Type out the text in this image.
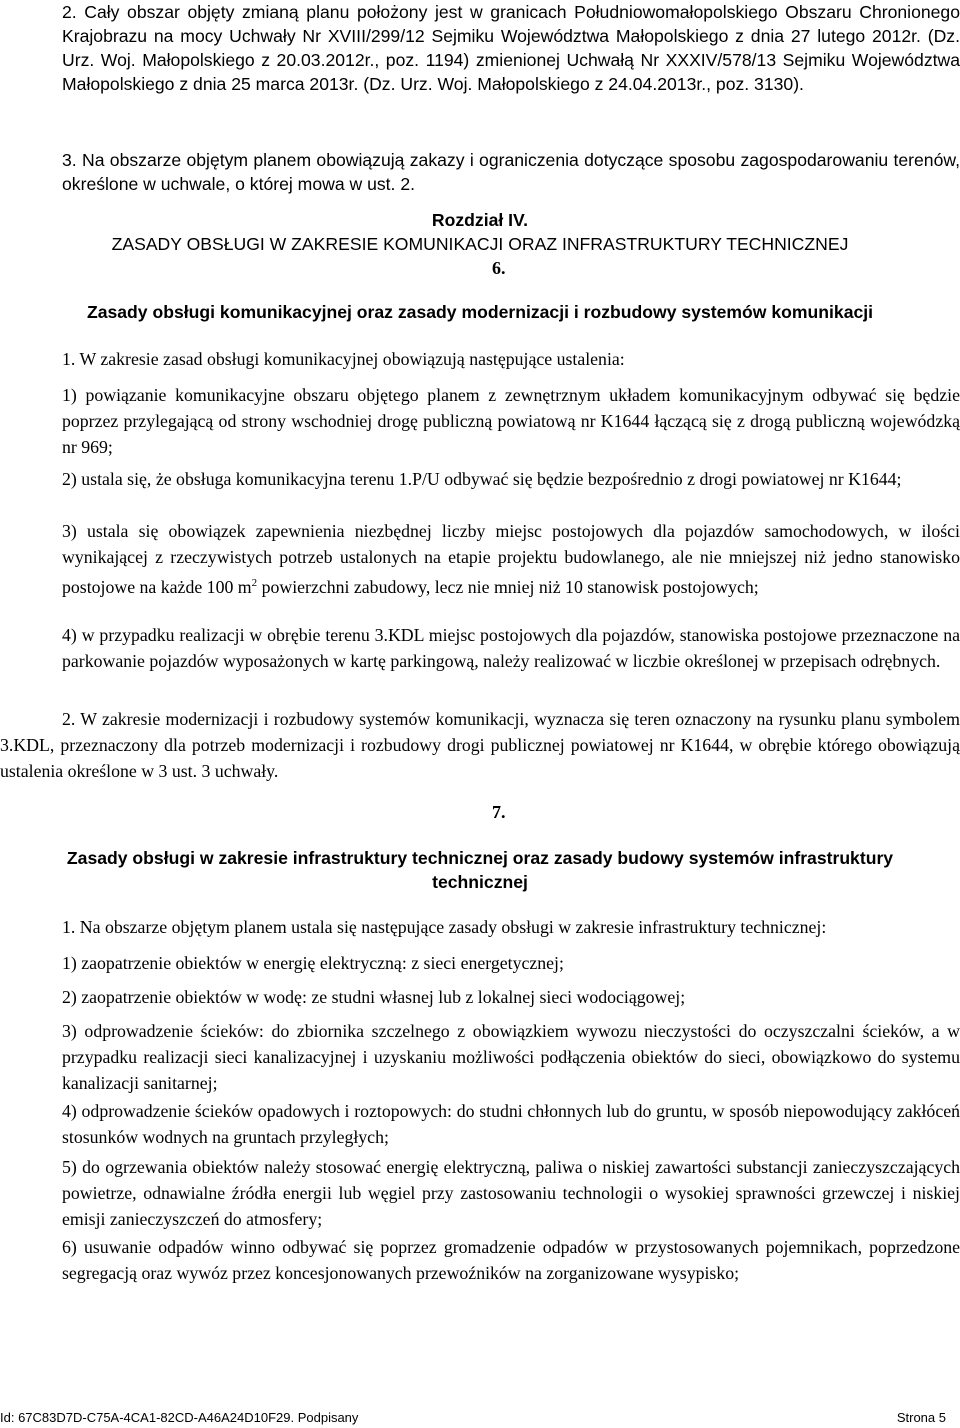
2. Cały obszar objęty zmianą planu położony jest w granicach Południowomałopolskiego Obszaru Chronionego Krajobrazu na mocy Uchwały Nr XVIII/299/12 Sejmiku Województwa Małopolskiego z dnia 27 lutego 2012r. (Dz. Urz. Woj. Małopolskiego z 20.03.2012r., poz. 1194) zmienionej Uchwałą Nr XXXIV/578/13 Sejmiku Województwa Małopolskiego z dnia 25 marca 2013r. (Dz. Urz. Woj. Małopolskiego z 24.04.2013r., poz. 3130).

3. Na obszarze objętym planem obowiązują zakazy i ograniczenia dotyczące sposobu zagospodarowaniu terenów, określone w uchwale, o której mowa w ust. 2.

Rozdział IV.

ZASADY OBSŁUGI W ZAKRESIE KOMUNIKACJI ORAZ INFRASTRUKTURY TECHNICZNEJ

6.

Zasady obsługi komunikacyjnej oraz zasady modernizacji i rozbudowy systemów komunikacji

1. W zakresie zasad obsługi komunikacyjnej obowiązują następujące ustalenia:

1) powiązanie komunikacyjne obszaru objętego planem z zewnętrznym układem komunikacyjnym odbywać się będzie poprzez przylegającą od strony wschodniej drogę publiczną powiatową nr K1644 łączącą się z drogą publiczną wojewódzką nr 969;

2) ustala się, że obsługa komunikacyjna terenu 1.P/U odbywać się będzie bezpośrednio z drogi powiatowej nr K1644;

3) ustala się obowiązek zapewnienia niezbędnej liczby miejsc postojowych dla pojazdów samochodowych, w ilości wynikającej z rzeczywistych potrzeb ustalonych na etapie projektu budowlanego, ale nie mniejszej niż jedno stanowisko postojowe na każde 100 $m^2$ powierzchni zabudowy, lecz nie mniej niż 10 stanowisk postojowych;

4) w przypadku realizacji w obrębie terenu 3.KDL miejsc postojowych dla pojazdów, stanowiska postojowe przeznaczone na parkowanie pojazdów wyposażonych w kartę parkingową, należy realizować w liczbie określonej w przepisach odrębnych.

2. W zakresie modernizacji i rozbudowy systemów komunikacji, wyznacza się teren oznaczony na rysunku planu symbolem 3.KDL, przeznaczony dla potrzeb modernizacji i rozbudowy drogi publicznej powiatowej nr K1644, w obrębie którego obowiązują ustalenia określone w 3 ust. 3 uchwały.

7.

Zasady obsługi w zakresie infrastruktury technicznej oraz zasady budowy systemów infrastruktury technicznej

1. Na obszarze objętym planem ustala się następujące zasady obsługi w zakresie infrastruktury technicznej:

1) zaopatrzenie obiektów w energię elektryczną: z sieci energetycznej;

2) zaopatrzenie obiektów w wodę: ze studni własnej lub z lokalnej sieci wodociągowej;

3) odprowadzenie ścieków: do zbiornika szczelnego z obowiązkiem wywozu nieczystości do oczyszczalni ścieków, a w przypadku realizacji sieci kanalizacyjnej i uzyskaniu możliwości podłączenia obiektów do sieci, obowiązkowo do systemu kanalizacji sanitarnej;

4) odprowadzenie ścieków opadowych i roztopowych: do studni chłonnych lub do gruntu, w sposób niepowodujący zakłóceń stosunków wodnych na gruntach przyległych;

5) do ogrzewania obiektów należy stosować energię elektryczną, paliwa o niskiej zawartości substancji zanieczyszczających powietrze, odnawialne źródła energii lub węgiel przy zastosowaniu technologii o wysokiej sprawności grzewczej i niskiej emisji zanieczyszczeń do atmosfery;

6) usuwanie odpadów winno odbywać się poprzez gromadzenie odpadów w przystosowanych pojemnikach, poprzedzone segregacją oraz wywóz przez koncesjonowanych przewoźników na zorganizowane wysypisko;

Id: 67C83D7D-C75A-4CA1-82CD-A46A24D10F29. Podpisany	Strona 5
